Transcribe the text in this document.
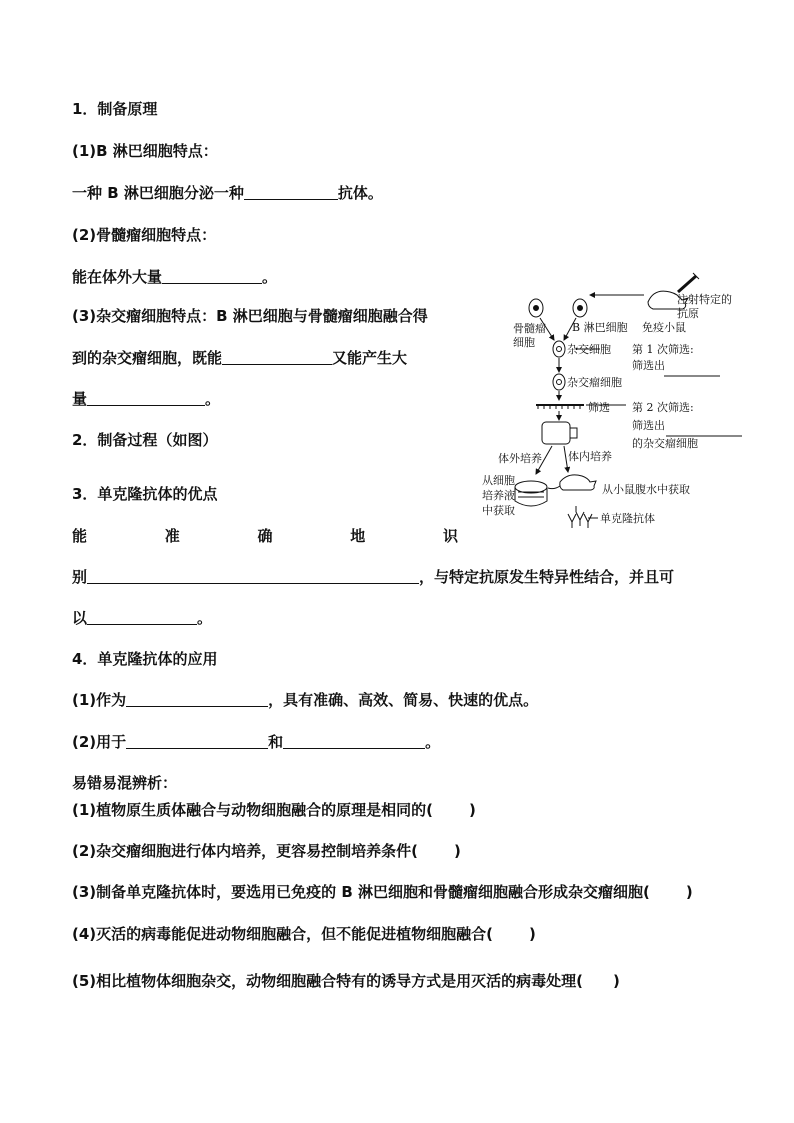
1．制备原理
(1)B 淋巴细胞特点：
一种 B 淋巴细胞分泌一种	抗体。
(2)骨髓瘤细胞特点：
能在体外大量	。
(3)杂交瘤细胞特点：B 淋巴细胞与骨髓瘤细胞融合得
到的杂交瘤细胞，既能	又能产生大
量	。
2．制备过程（如图）
3．单克隆抗体的优点
能	准	确	地	识
别	，与特定抗原发生特异性结合，并且可
以	。
4．单克隆抗体的应用
(1)作为	，具有准确、高效、简易、快速的优点。
(2)用于	和	。
易错易混辨析：
(1)植物原生质体融合与动物细胞融合的原理是相同的( )
(2)杂交瘤细胞进行体内培养，更容易控制培养条件( )
(3)制备单克隆抗体时，要选用已免疫的 B 淋巴细胞和骨髓瘤细胞融合形成杂交瘤细胞( )
(4)灭活的病毒能促进动物细胞融合，但不能促进植物细胞融合( )
(5)相比植物体细胞杂交，动物细胞融合特有的诱导方式是用灭活的病毒处理( )
骨髓瘤
细胞
B 淋巴细胞 免疫小鼠
注射特定的
抗原
杂交细胞 第 1 次筛选:
筛选出
杂交瘤细胞
筛选 第 2 次筛选:
筛选出
的杂交瘤细胞
体外培养 体内培养
从细胞
培养液
中获取
从小鼠腹水中获取
单克隆抗体
